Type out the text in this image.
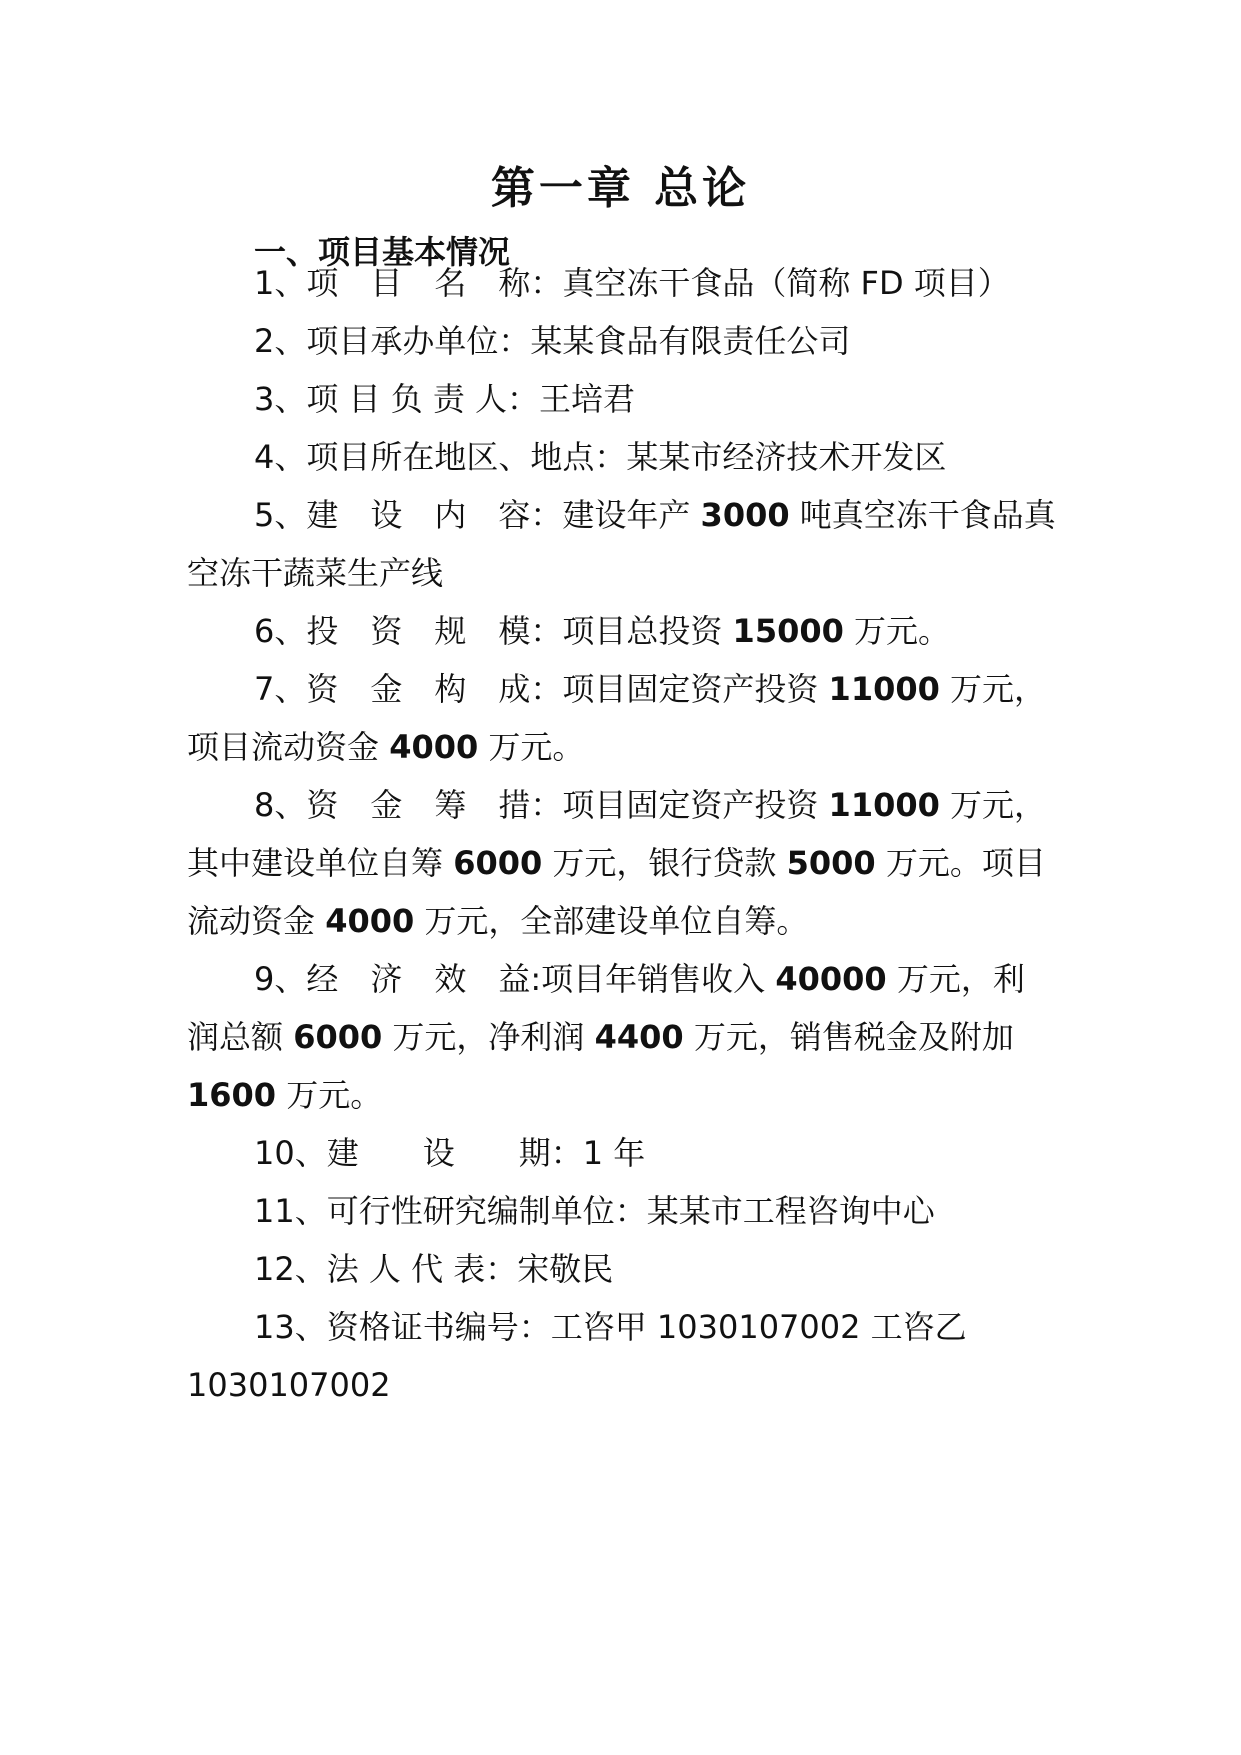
第一章 总论
一、项目基本情况
1、项　目　名　称：真空冻干食品（简称 FD 项目）
2、项目承办单位：某某食品有限责任公司
3、项 目 负 责 人：王培君
4、项目所在地区、地点：某某市经济技术开发区
5、建　设　内　容：建设年产 3000 吨真空冻干食品真
空冻干蔬菜生产线
6、投　资　规　模：项目总投资 15000 万元。
7、资　金　构　成：项目固定资产投资 11000 万元，
项目流动资金 4000 万元。
8、资　金　筹　措：项目固定资产投资 11000 万元，
其中建设单位自筹 6000 万元，银行贷款 5000 万元。项目
流动资金 4000 万元，全部建设单位自筹。
9、经　济　效　益:项目年销售收入 40000 万元，利
润总额 6000 万元，净利润 4400 万元，销售税金及附加
1600 万元。
10、建　　设　　期：1 年
11、可行性研究编制单位：某某市工程咨询中心
12、法 人 代 表：宋敬民
13、资格证书编号：工咨甲 1030107002 工咨乙
1030107002
